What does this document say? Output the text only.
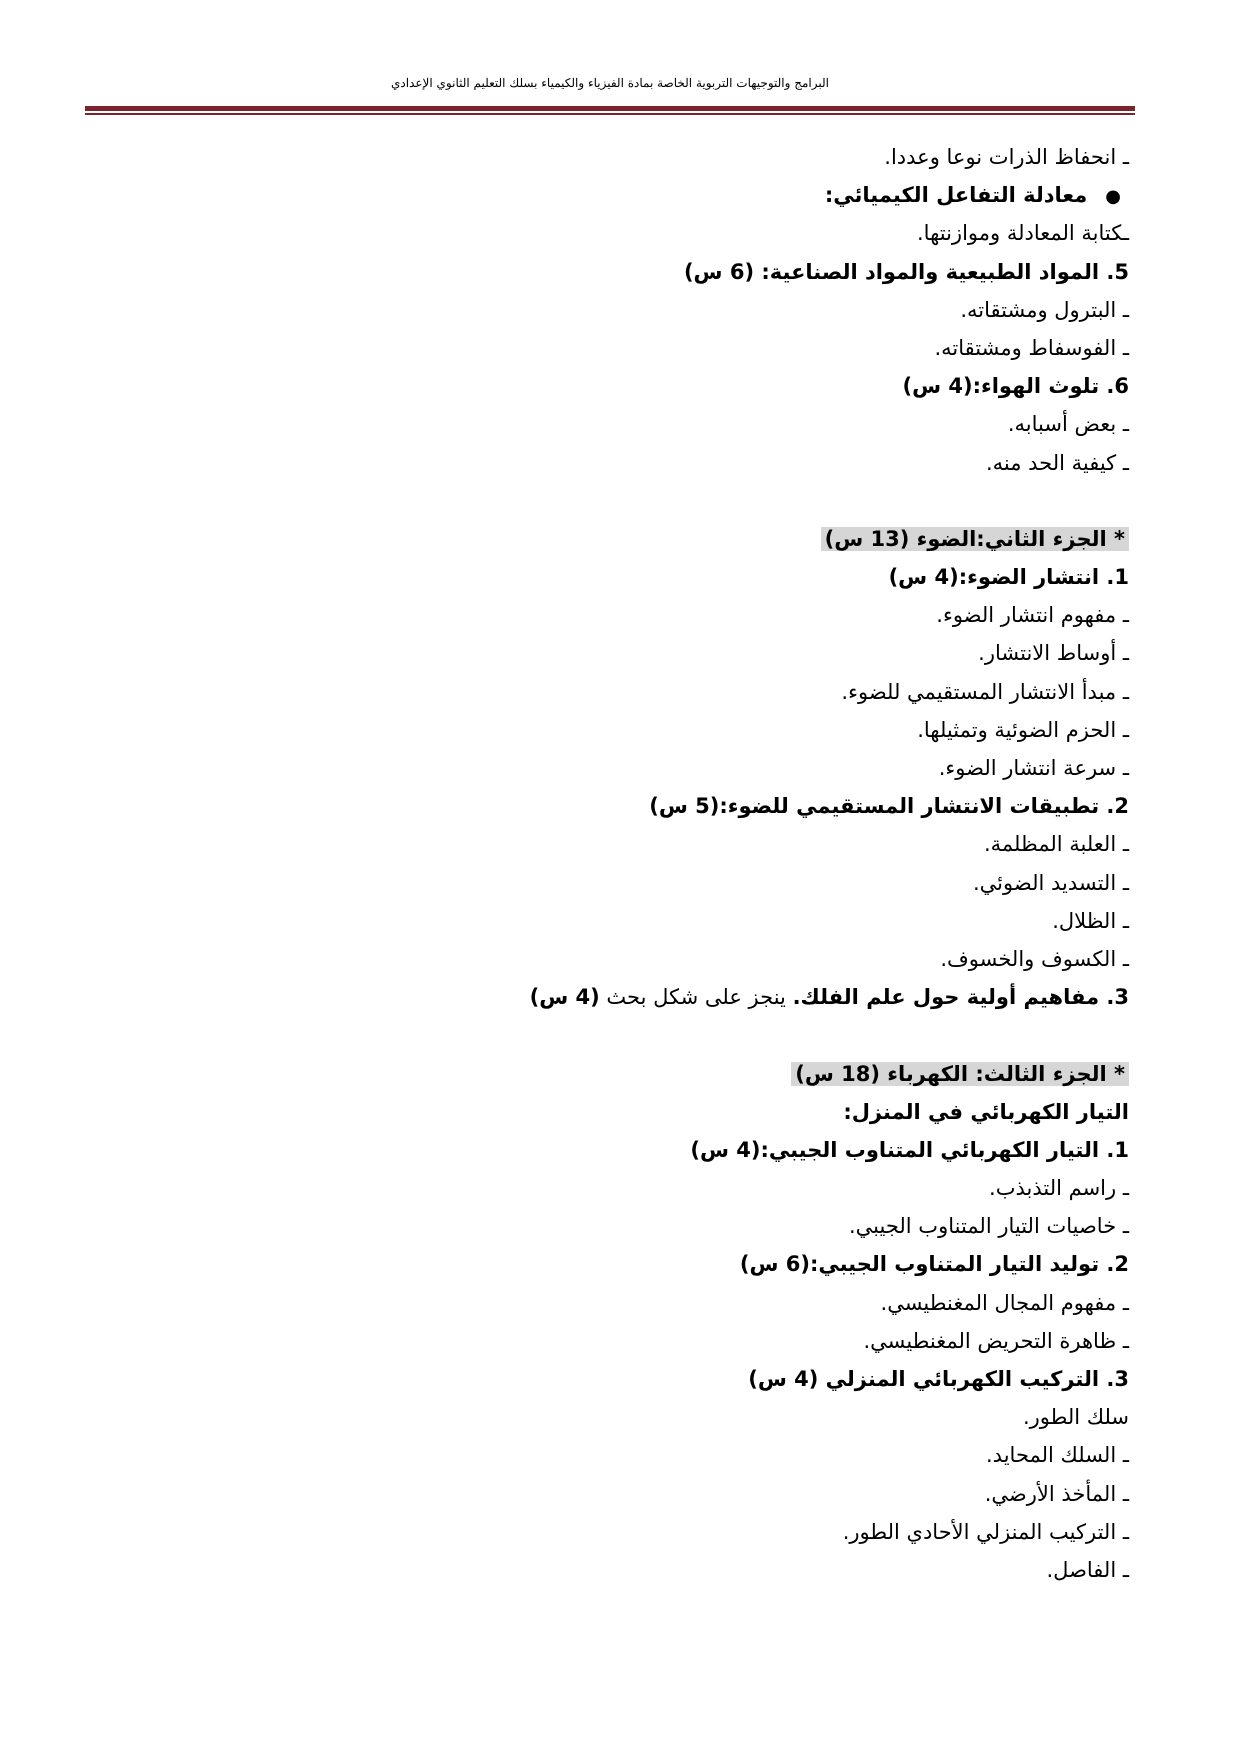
البرامج والتوجيهات التربوية الخاصة بمادة الفيزياء والكيمياء بسلك التعليم الثانوي الإعدادي
ـ انحفاظ الذرات نوعا وعددا.
●معادلة التفاعل الكيميائي:
ـكتابة المعادلة وموازنتها.
5. المواد الطبيعية والمواد الصناعية: (6 س)
ـ البترول ومشتقاته.
ـ الفوسفاط ومشتقاته.
6. تلوث الهواء:(4 س)
ـ بعض أسبابه.
ـ كيفية الحد منه.
* الجزء الثاني:الضوء (13 س)
1. انتشار الضوء:(4 س)
ـ مفهوم انتشار الضوء.
ـ أوساط الانتشار.
ـ مبدأ الانتشار المستقيمي للضوء.
ـ الحزم الضوئية وتمثيلها.
ـ سرعة انتشار الضوء.
2. تطبيقات الانتشار المستقيمي للضوء:(5 س)
ـ العلبة المظلمة.
ـ التسديد الضوئي.
ـ الظلال.
ـ الكسوف والخسوف.
3. مفاهيم أولية حول علم الفلك. ينجز على شكل بحث (4 س)
* الجزء الثالث: الكهرباء (18 س)
التيار الكهربائي في المنزل:
1. التيار الكهربائي المتناوب الجيبي:(4 س)
ـ راسم التذبذب.
ـ خاصيات التيار المتناوب الجيبي.
2. توليد التيار المتناوب الجيبي:(6 س)
ـ مفهوم المجال المغنطيسي.
ـ ظاهرة التحريض المغنطيسي.
3. التركيب الكهربائي المنزلي (4 س)
سلك الطور.
ـ السلك المحايد.
ـ المأخذ الأرضي.
ـ التركيب المنزلي الأحادي الطور.
ـ الفاصل.
